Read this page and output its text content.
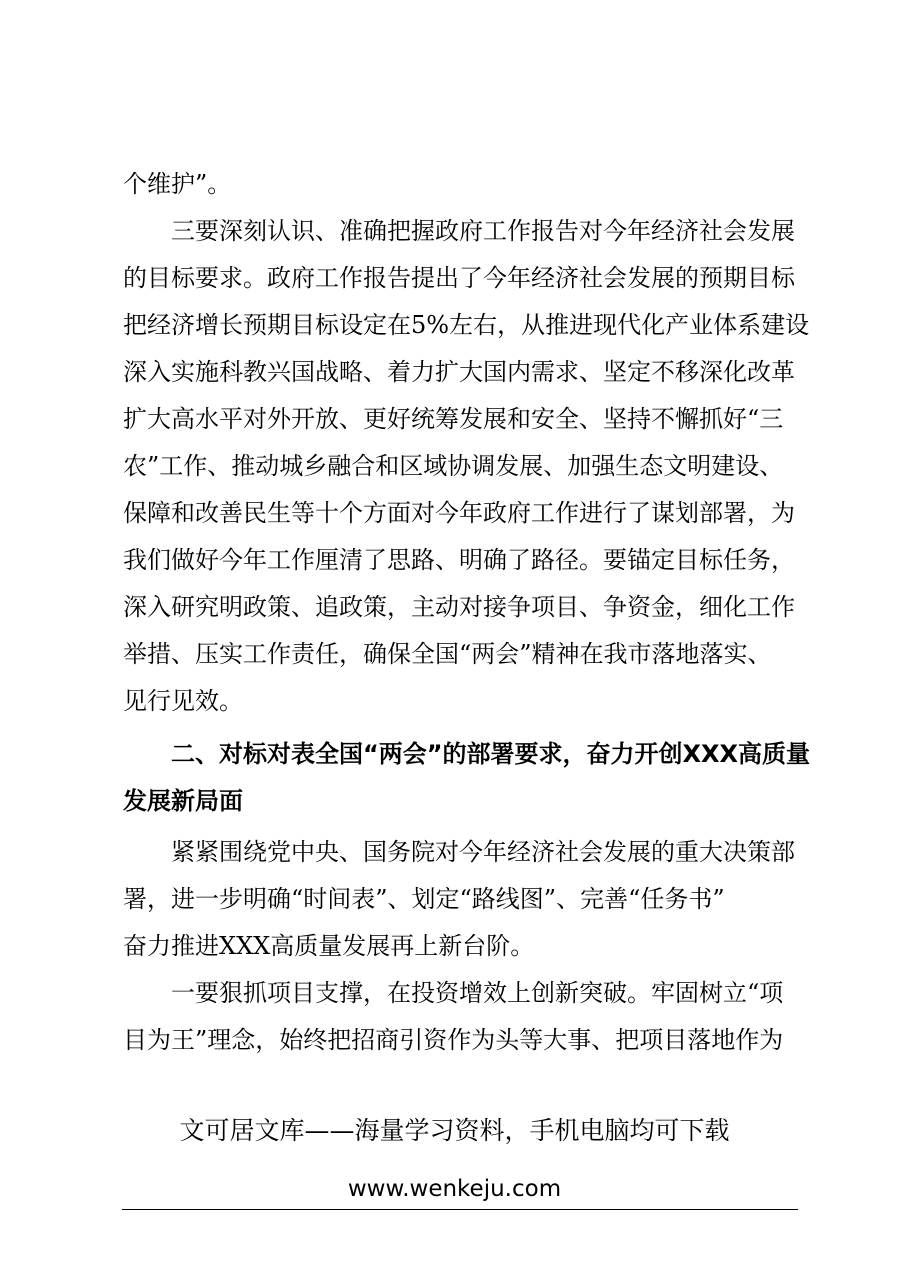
个维护”。
　　三要深刻认识、准确把握政府工作报告对今年经济社会发展
的目标要求。政府工作报告提出了今年经济社会发展的预期目标
把经济增长预期目标设定在5%左右，从推进现代化产业体系建设
深入实施科教兴国战略、着力扩大国内需求、坚定不移深化改革
扩大高水平对外开放、更好统筹发展和安全、坚持不懈抓好“三
农”工作、推动城乡融合和区域协调发展、加强生态文明建设、
保障和改善民生等十个方面对今年政府工作进行了谋划部署，为
我们做好今年工作厘清了思路、明确了路径。要锚定目标任务，
深入研究明政策、追政策，主动对接争项目、争资金，细化工作
举措、压实工作责任，确保全国“两会”精神在我市落地落实、
见行见效。
　　二、对标对表全国“两会”的部署要求，奋力开创XXX高质量
发展新局面
　　紧紧围绕党中央、国务院对今年经济社会发展的重大决策部
署，进一步明确“时间表”、划定“路线图”、完善“任务书”
奋力推进XXX高质量发展再上新台阶。
　　一要狠抓项目支撑，在投资增效上创新突破。牢固树立“项
目为王”理念，始终把招商引资作为头等大事、把项目落地作为
文可居文库——海量学习资料，手机电脑均可下载
www.wenkeju.com
